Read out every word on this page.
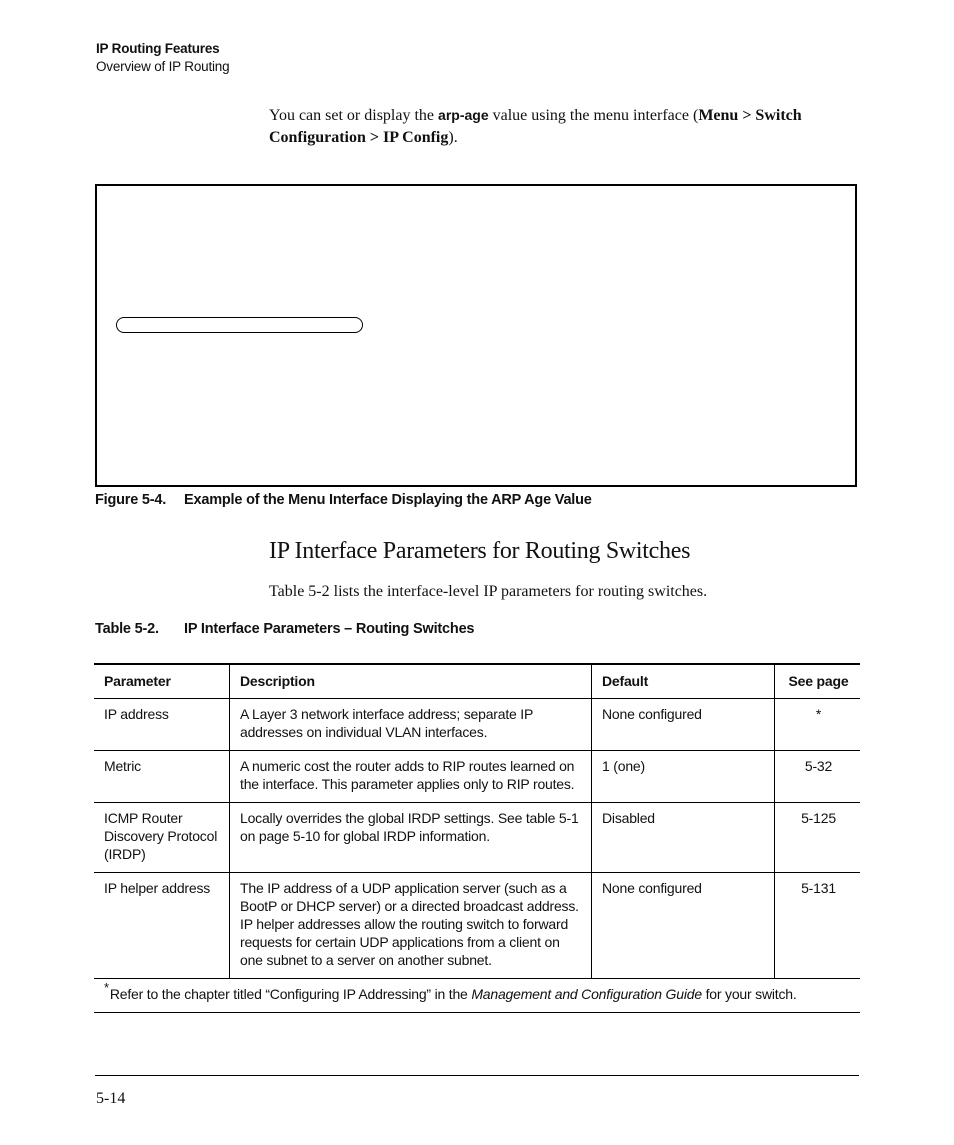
IP Routing Features
Overview of IP Routing
You can set or display the arp-age value using the menu interface (Menu > Switch Configuration > IP Config).
Figure 5-4. Example of the Menu Interface Displaying the ARP Age Value
IP Interface Parameters for Routing Switches
Table 5-2 lists the interface-level IP parameters for routing switches.
Table 5-2. IP Interface Parameters – Routing Switches
Parameter	Description	Default	See page
IP address	A Layer 3 network interface address; separate IP addresses on individual VLAN interfaces.	None configured	*
Metric	A numeric cost the router adds to RIP routes learned on the interface. This parameter applies only to RIP routes.	1 (one)	5-32
ICMP Router Discovery Protocol (IRDP)	Locally overrides the global IRDP settings. See table 5-1 on page 5-10 for global IRDP information.	Disabled	5-125
IP helper address	The IP address of a UDP application server (such as a BootP or DHCP server) or a directed broadcast address. IP helper addresses allow the routing switch to forward requests for certain UDP applications from a client on one subnet to a server on another subnet.	None configured	5-131
*Refer to the chapter titled “Configuring IP Addressing” in the Management and Configuration Guide for your switch.			
5-14
